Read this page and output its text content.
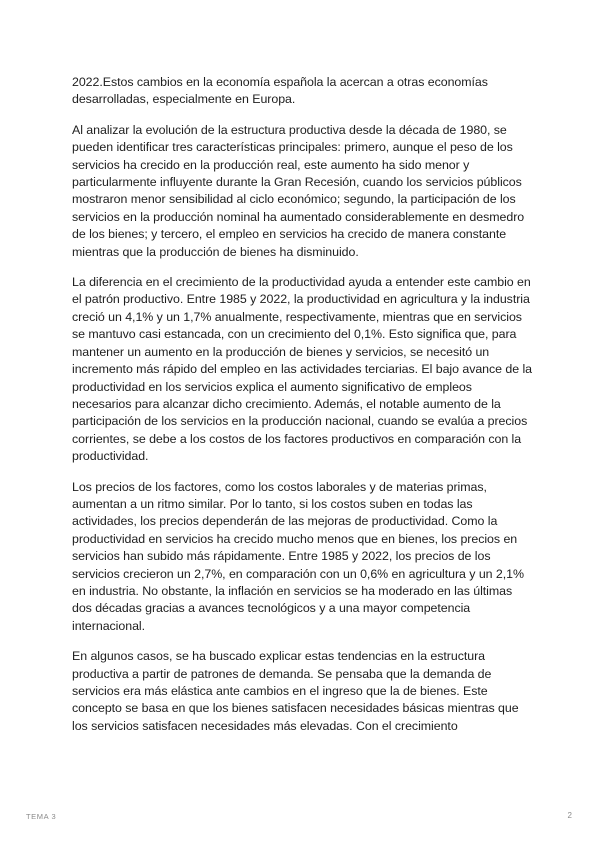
2022.Estos cambios en la economía española la acercan a otras economías desarrolladas, especialmente en Europa.

Al analizar la evolución de la estructura productiva desde la década de 1980, se pueden identificar tres características principales: primero, aunque el peso de los servicios ha crecido en la producción real, este aumento ha sido menor y particularmente influyente durante la Gran Recesión, cuando los servicios públicos mostraron menor sensibilidad al ciclo económico; segundo, la participación de los servicios en la producción nominal ha aumentado considerablemente en desmedro de los bienes; y tercero, el empleo en servicios ha crecido de manera constante mientras que la producción de bienes ha disminuido.

La diferencia en el crecimiento de la productividad ayuda a entender este cambio en el patrón productivo. Entre 1985 y 2022, la productividad en agricultura y la industria creció un 4,1% y un 1,7% anualmente, respectivamente, mientras que en servicios se mantuvo casi estancada, con un crecimiento del 0,1%. Esto significa que, para mantener un aumento en la producción de bienes y servicios, se necesitó un incremento más rápido del empleo en las actividades terciarias. El bajo avance de la productividad en los servicios explica el aumento significativo de empleos necesarios para alcanzar dicho crecimiento. Además, el notable aumento de la participación de los servicios en la producción nacional, cuando se evalúa a precios corrientes, se debe a los costos de los factores productivos en comparación con la productividad.

Los precios de los factores, como los costos laborales y de materias primas, aumentan a un ritmo similar. Por lo tanto, si los costos suben en todas las actividades, los precios dependerán de las mejoras de productividad. Como la productividad en servicios ha crecido mucho menos que en bienes, los precios en servicios han subido más rápidamente. Entre 1985 y 2022, los precios de los servicios crecieron un 2,7%, en comparación con un 0,6% en agricultura y un 2,1% en industria. No obstante, la inflación en servicios se ha moderado en las últimas dos décadas gracias a avances tecnológicos y a una mayor competencia internacional.

En algunos casos, se ha buscado explicar estas tendencias en la estructura productiva a partir de patrones de demanda. Se pensaba que la demanda de servicios era más elástica ante cambios en el ingreso que la de bienes. Este concepto se basa en que los bienes satisfacen necesidades básicas mientras que los servicios satisfacen necesidades más elevadas. Con el crecimiento

TEMA 3	2
